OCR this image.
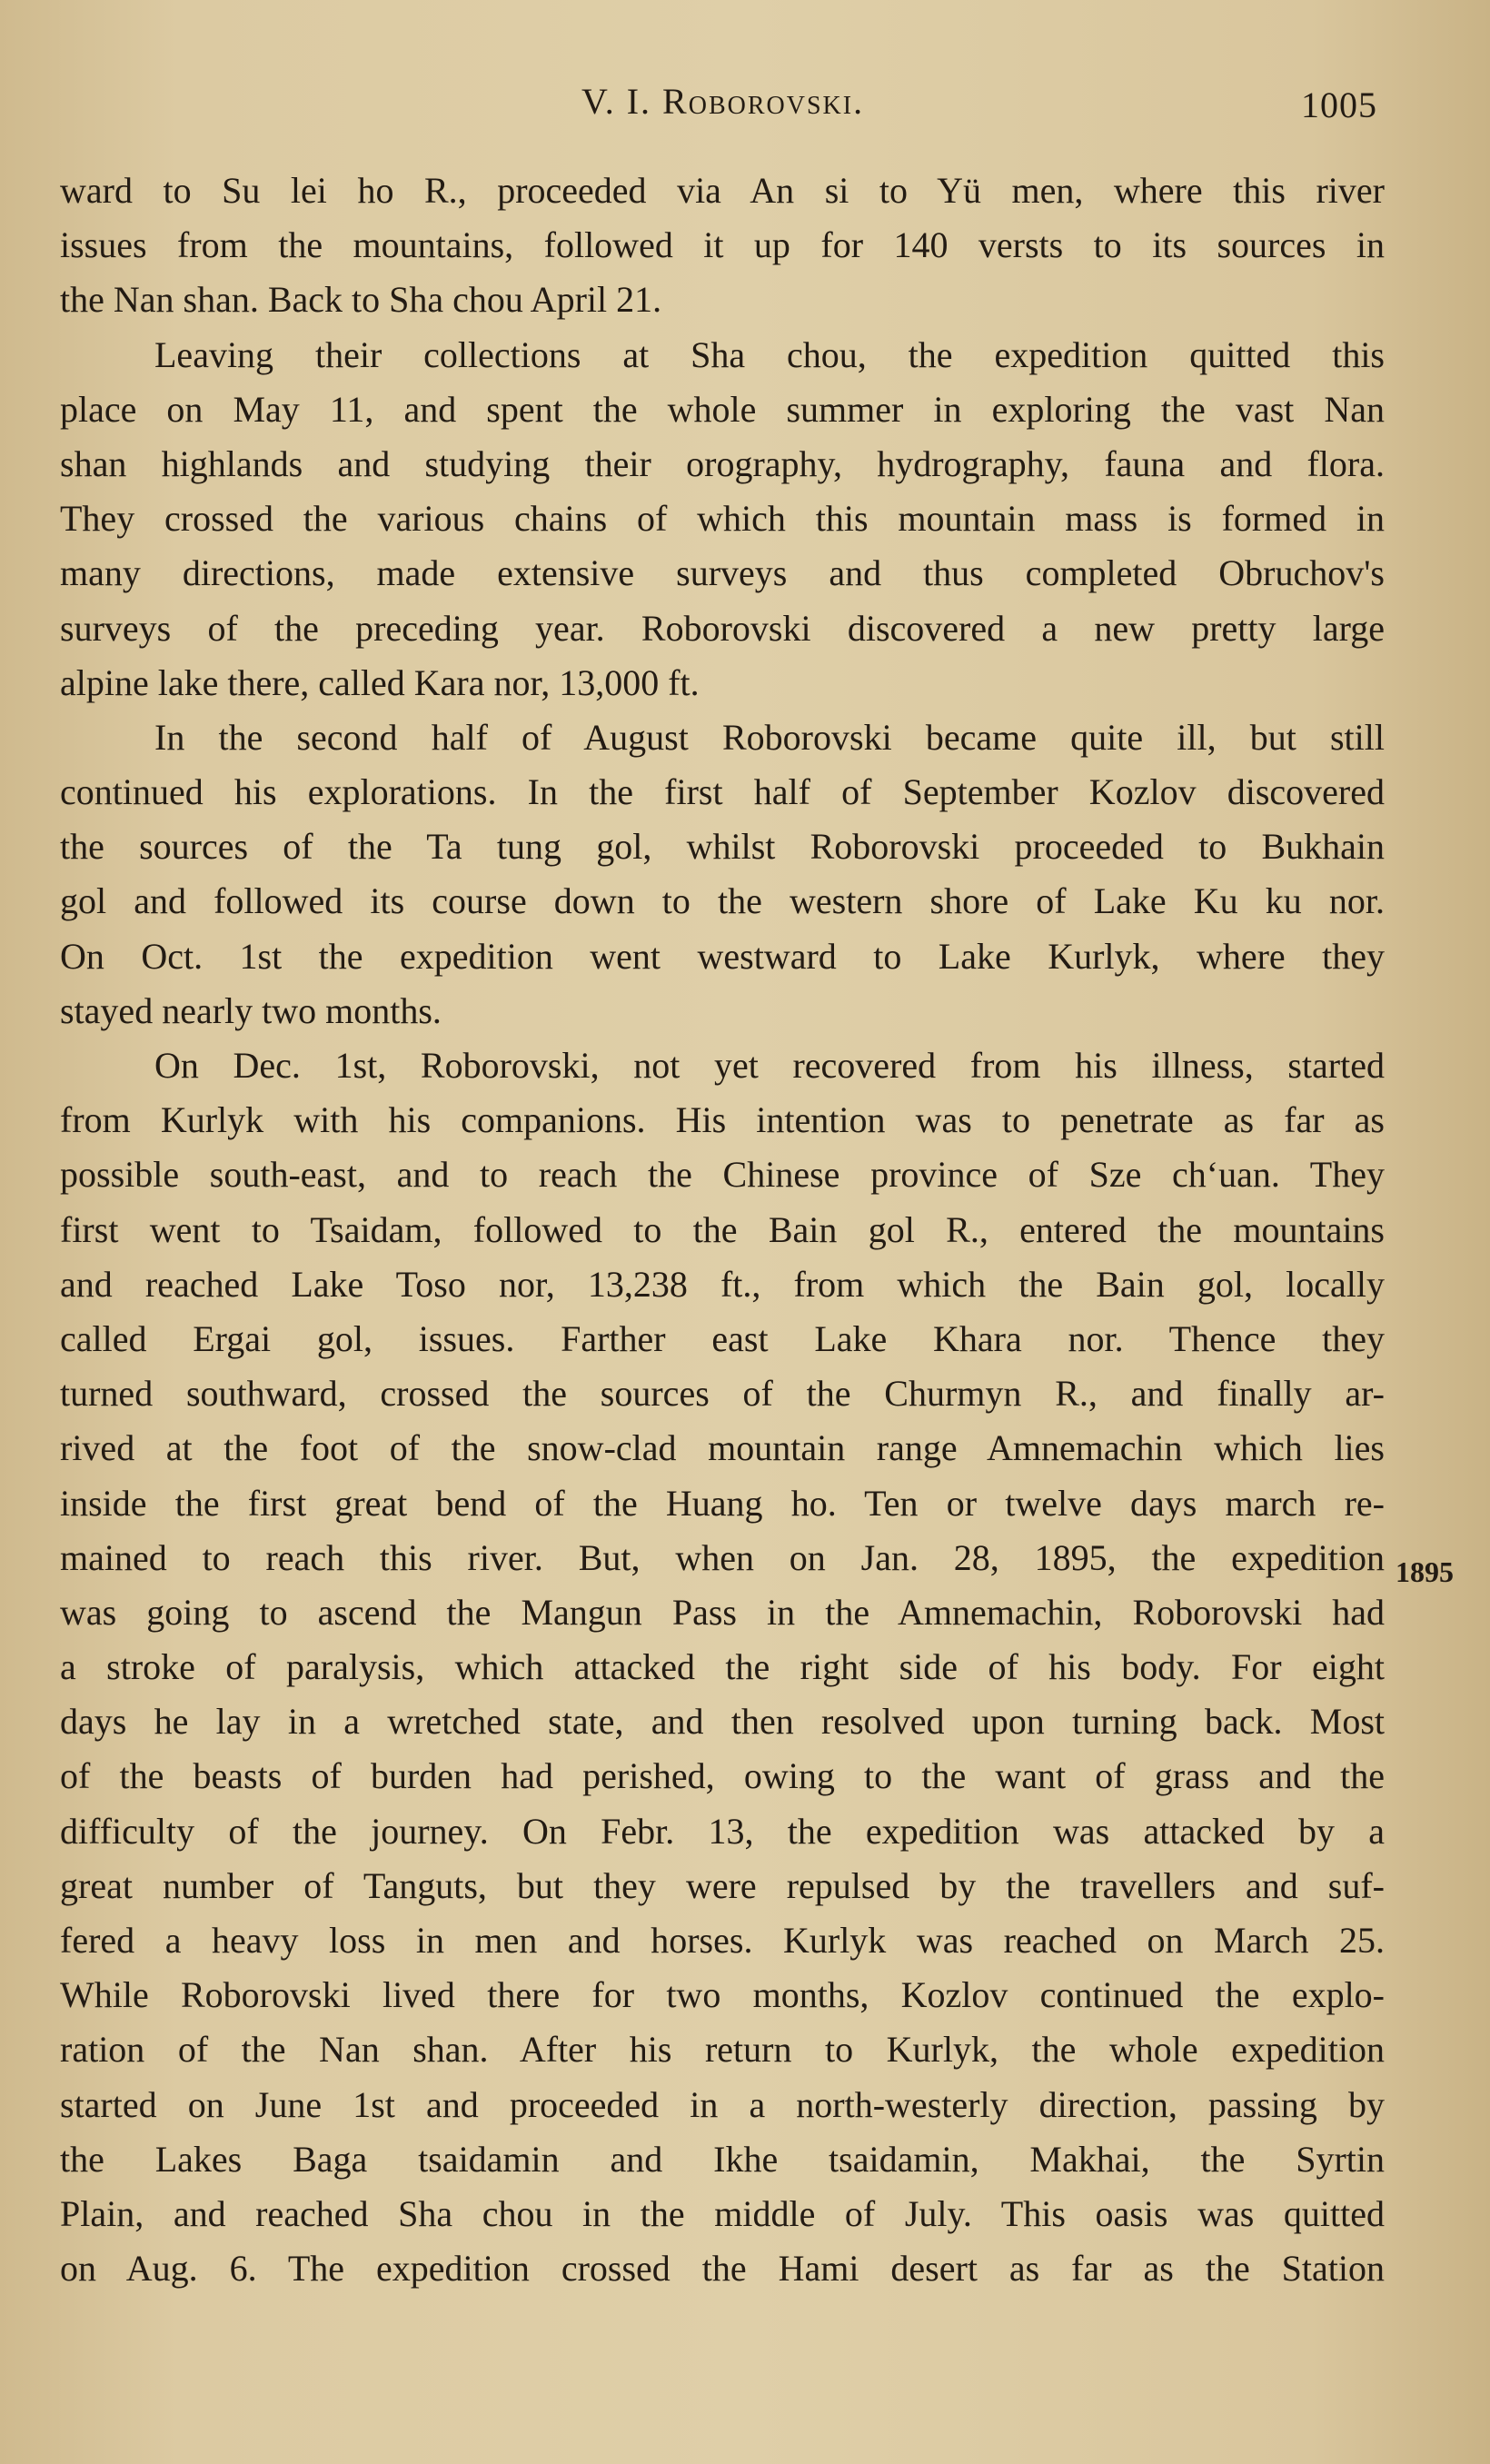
V. I. Roborovski.	1005
ward to Su lei ho R., proceeded via An si to Yü men, where this river
issues from the mountains, followed it up for 140 versts to its sources in
the Nan shan. Back to Sha chou April 21.
Leaving their collections at Sha chou, the expedition quitted this
place on May 11, and spent the whole summer in exploring the vast Nan
shan highlands and studying their orography, hydrography, fauna and flora.
They crossed the various chains of which this mountain mass is formed in
many directions, made extensive surveys and thus completed Obruchov's
surveys of the preceding year. Roborovski discovered a new pretty large
alpine lake there, called Kara nor, 13,000 ft.
In the second half of August Roborovski became quite ill, but still
continued his explorations. In the first half of September Kozlov discovered
the sources of the Ta tung gol, whilst Roborovski proceeded to Bukhain
gol and followed its course down to the western shore of Lake Ku ku nor.
On Oct. 1st the expedition went westward to Lake Kurlyk, where they
stayed nearly two months.
On Dec. 1st, Roborovski, not yet recovered from his illness, started
from Kurlyk with his companions. His intention was to penetrate as far as
possible south-east, and to reach the Chinese province of Sze chʻuan. They
first went to Tsaidam, followed to the Bain gol R., entered the mountains
and reached Lake Toso nor, 13,238 ft., from which the Bain gol, locally
called Ergai gol, issues. Farther east Lake Khara nor. Thence they
turned southward, crossed the sources of the Churmyn R., and finally ar-
rived at the foot of the snow-clad mountain range Amnemachin which lies
inside the first great bend of the Huang ho. Ten or twelve days march re-
mained to reach this river. But, when on Jan. 28, 1895, the expedition
was going to ascend the Mangun Pass in the Amnemachin, Roborovski had
a stroke of paralysis, which attacked the right side of his body. For eight
days he lay in a wretched state, and then resolved upon turning back. Most
of the beasts of burden had perished, owing to the want of grass and the
difficulty of the journey. On Febr. 13, the expedition was attacked by a
great number of Tanguts, but they were repulsed by the travellers and suf-
fered a heavy loss in men and horses. Kurlyk was reached on March 25.
While Roborovski lived there for two months, Kozlov continued the explo-
ration of the Nan shan. After his return to Kurlyk, the whole expedition
started on June 1st and proceeded in a north-westerly direction, passing by
the Lakes Baga tsaidamin and Ikhe tsaidamin, Makhai, the Syrtin
Plain, and reached Sha chou in the middle of July. This oasis was quitted
on Aug. 6. The expedition crossed the Hami desert as far as the Station
1895
